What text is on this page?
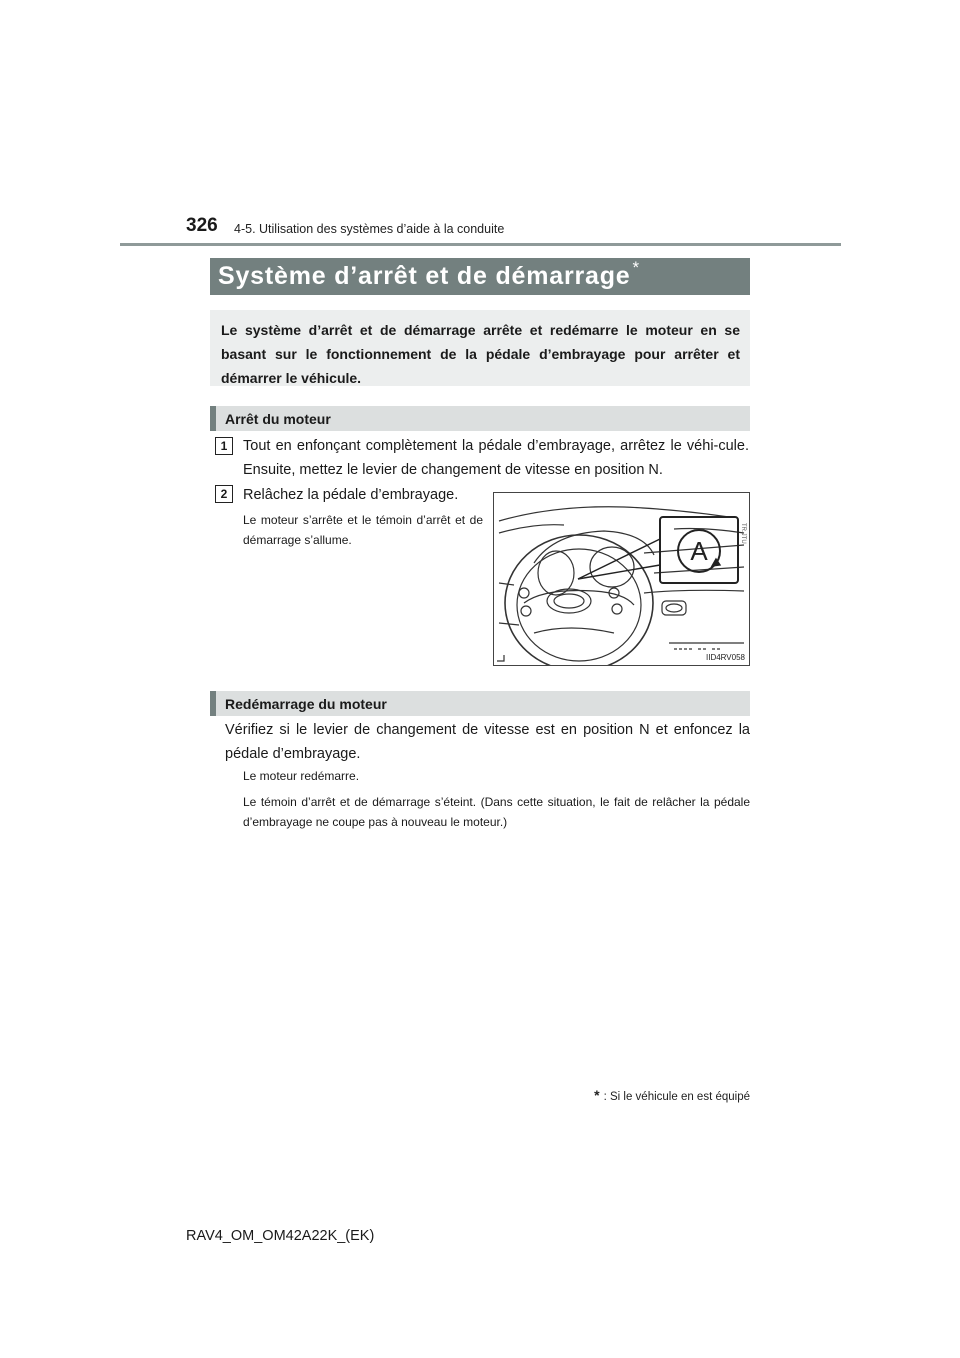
326 4-5. Utilisation des systèmes d’aide à la conduite
Système d’arrêt et de démarrage *
Le système d’arrêt et de démarrage arrête et redémarre le moteur en se basant sur le fonctionnement de la pédale d’embrayage pour arrêter et démarrer le véhicule.
Arrêt du moteur
1	Tout en enfonçant complètement la pédale d’embrayage, arrêtez le véhi-cule. Ensuite, mettez le levier de changement de vitesse en position N.
2	Relâchez la pédale d’embrayage.
Le moteur s’arrête et le témoin d’arrêt et de démarrage s’allume.	A
TR.JTU
IID4RV058
Redémarrage du moteur
Vérifiez si le levier de changement de vitesse est en position N et enfoncez la pédale d’embrayage.
Le moteur redémarre.
Le témoin d’arrêt et de démarrage s’éteint. (Dans cette situation, le fait de relâcher la pédale d’embrayage ne coupe pas à nouveau le moteur.)
* : Si le véhicule en est équipé
RAV4_OM_OM42A22K_(EK)
